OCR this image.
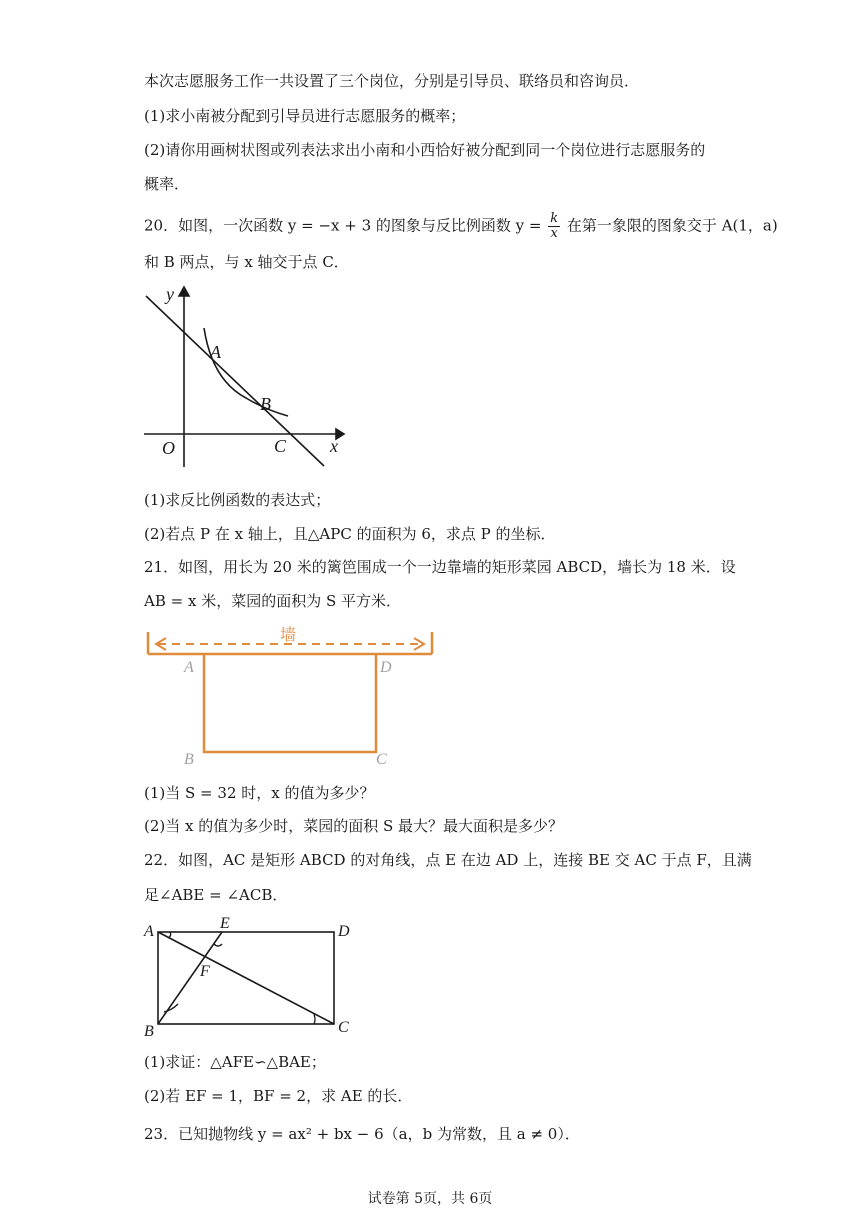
本次志愿服务工作一共设置了三个岗位，分别是引导员、联络员和咨询员．
(1)求小南被分配到引导员进行志愿服务的概率；
(2)请你用画树状图或列表法求出小南和小西恰好被分配到同一个岗位进行志愿服务的
概率．
20．如图，一次函数 y = −x + 3 的图象与反比例函数 $y = \frac{k}{x}$ 在第一象限的图象交于 A(1，a)
和 B 两点，与 x 轴交于点 C．
y
A
B
O	C x
(1)求反比例函数的表达式；
(2)若点 P 在 x 轴上，且△APC 的面积为 6，求点 P 的坐标．
21．如图，用长为 20 米的篱笆围成一个一边靠墙的矩形菜园 ABCD，墙长为 18 米．设
AB = x 米，菜园的面积为 S 平方米．
墙
A	D
B	C
(1)当 S = 32 时，x 的值为多少？
(2)当 x 的值为多少时，菜园的面积 S 最大？最大面积是多少？
22．如图，AC 是矩形 ABCD 的对角线，点 E 在边 AD 上，连接 BE 交 AC 于点 F，且满
足∠ABE = ∠ACB．
A	E	D
F
B	C
(1)求证：△AFE∽△BAE；
(2)若 EF = 1，BF = 2，求 AE 的长．
23．已知抛物线 y = ax² + bx − 6（a，b 为常数，且 a ≠ 0）．
试卷第 5页，共 6页
